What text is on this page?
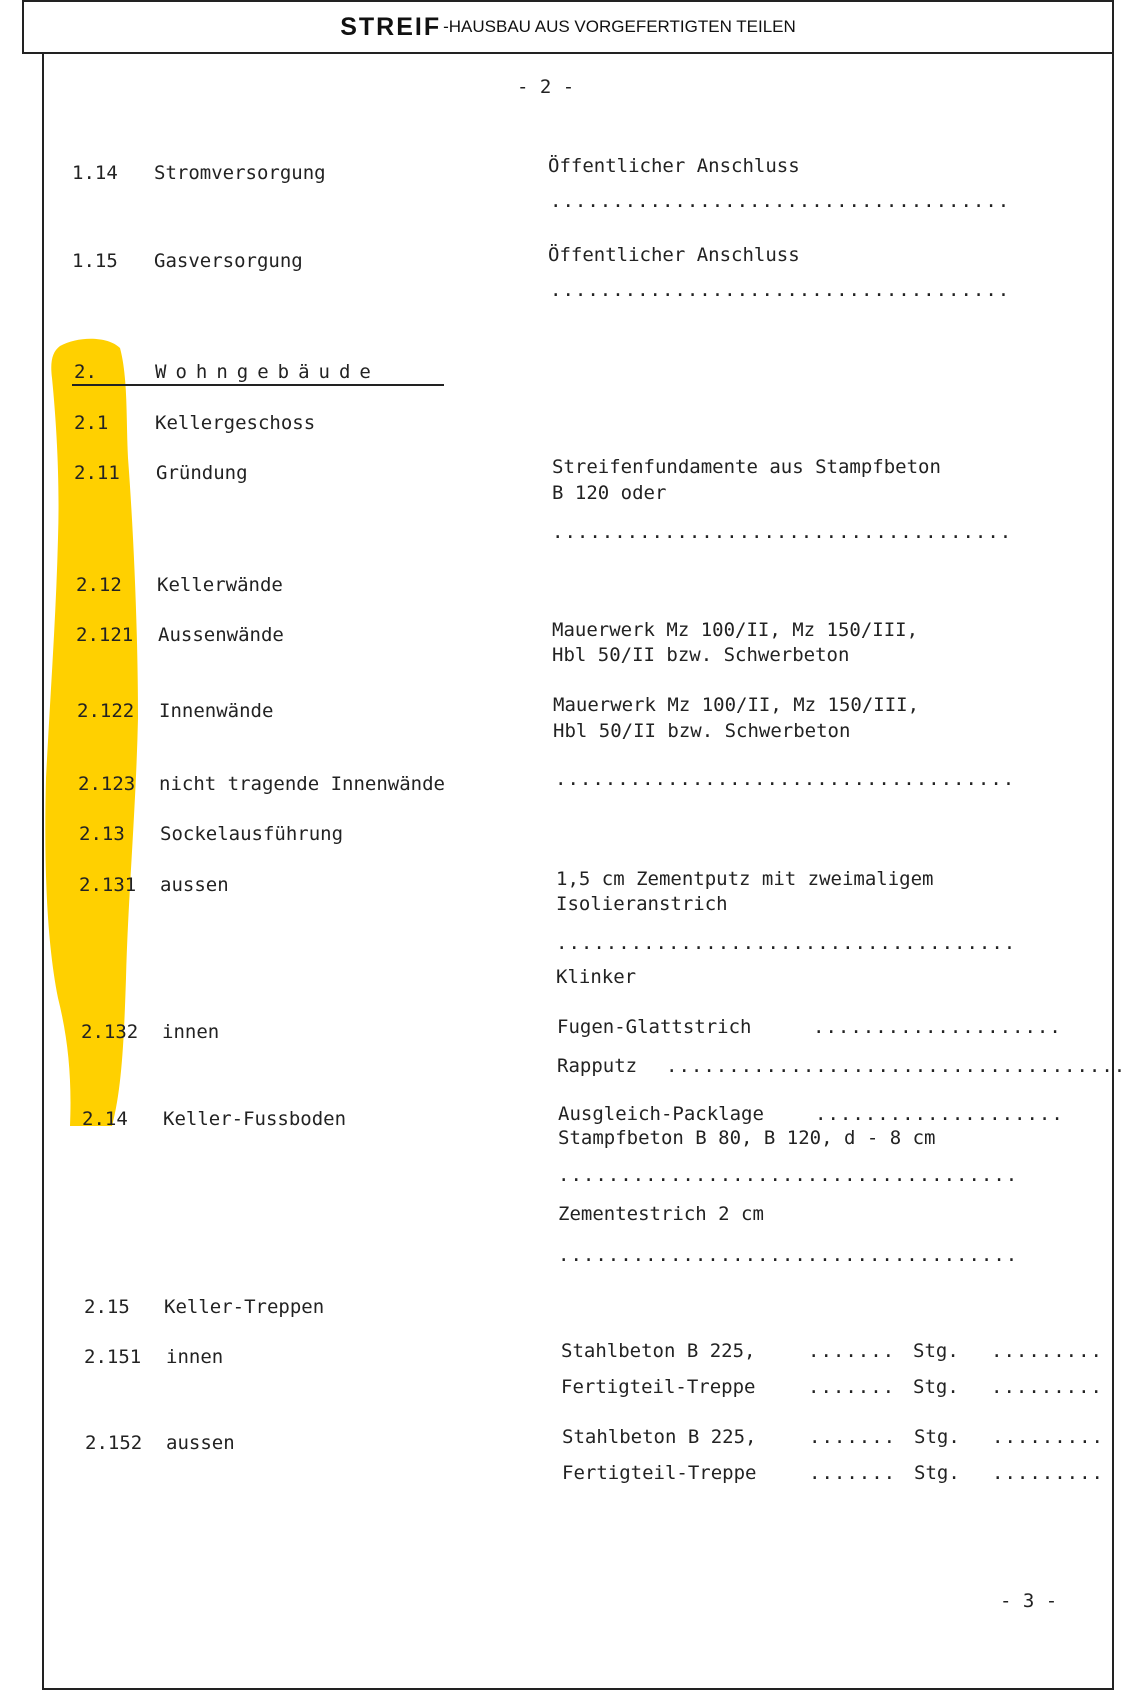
STREIF -HAUSBAU AUS VORGEFERTIGTEN TEILEN
- 2 -
1.14 Stromversorgung	Öffentlicher Anschluss
.....................................
1.15 Gasversorgung	Öffentlicher Anschluss
.....................................
2.	Wohngebäude
2.1 Kellergeschoss
2.11 Gründung	Streifenfundamente aus Stampfbeton
B 120 oder
.....................................
2.12 Kellerwände
2.121 Aussenwände	Mauerwerk Mz 100/II, Mz 150/III,
Hbl 50/II bzw. Schwerbeton
2.122 Innenwände	Mauerwerk Mz 100/II, Mz 150/III,
Hbl 50/II bzw. Schwerbeton
2.123 nicht tragende Innenwände	.....................................
2.13 Sockelausführung
2.131 aussen	1,5 cm Zementputz mit zweimaligem
Isolieranstrich
.....................................
Klinker
2.132 innen	Fugen-Glattstrich	....................
Rapputz .....................................
2.14 Keller-Fussboden	Ausgleich-Packlage	....................
Stampfbeton B 80, B 120, d - 8 cm
.....................................
Zementestrich 2 cm
.....................................
2.15 Keller-Treppen
2.151 innen	Stahlbeton B 225,	....... Stg. .........
Fertigteil-Treppe	....... Stg. .........
2.152 aussen	Stahlbeton B 225,	....... Stg. .........
Fertigteil-Treppe	....... Stg. .........
- 3 -
